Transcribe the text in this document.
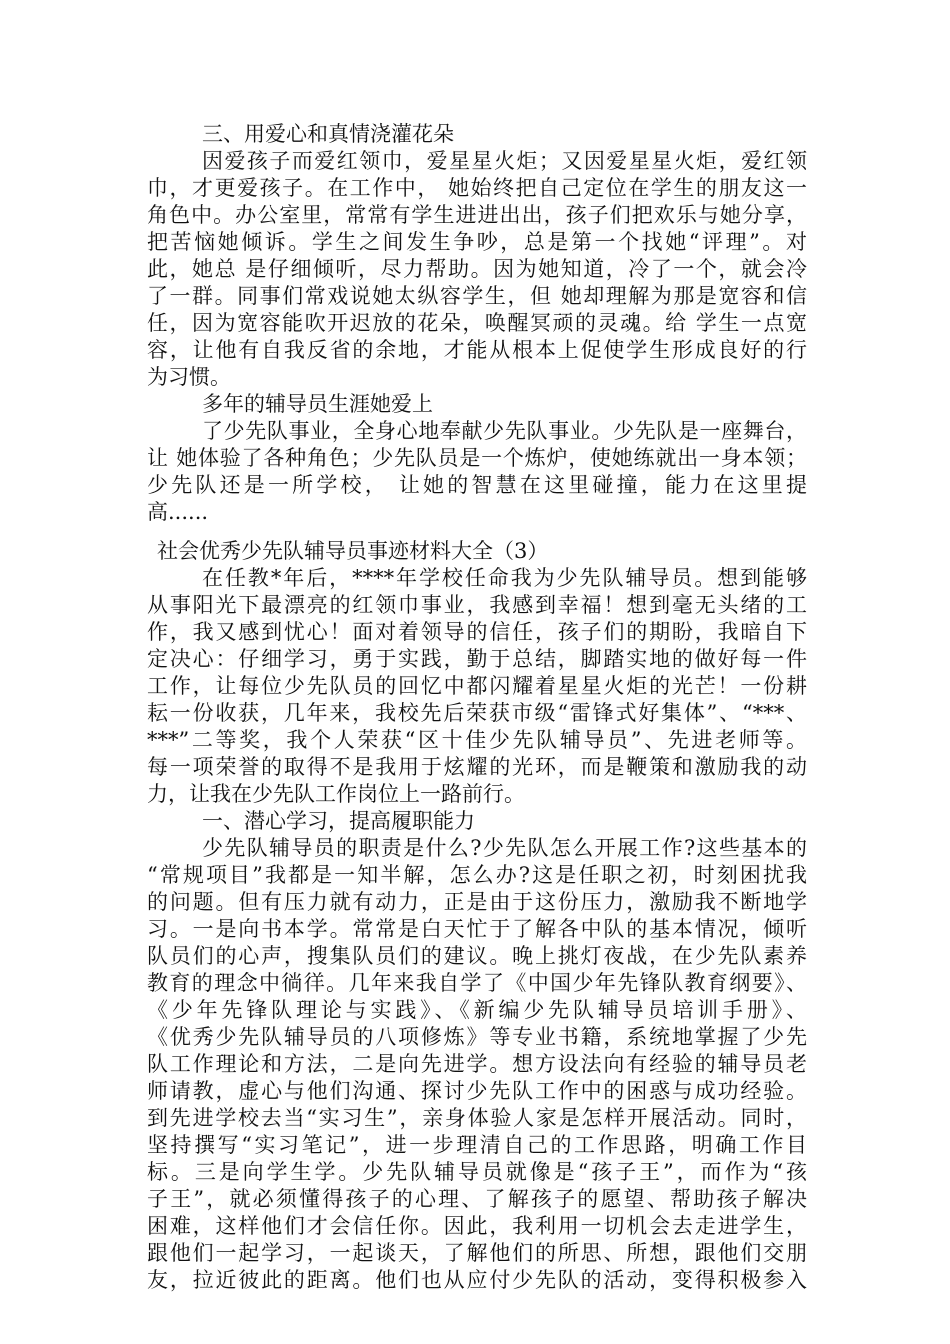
三、用爱心和真情浇灌花朵
因爱孩子而爱红领巾，爱星星火炬；又因爱星星火炬，爱红领
巾，才更爱孩子。在工作中， 她始终把自己定位在学生的朋友这一
角色中。办公室里，常常有学生进进出出，孩子们把欢乐与她分享，
把苦恼她倾诉。学生之间发生争吵，总是第一个找她“评理”。对
此，她总 是仔细倾听，尽力帮助。因为她知道，冷了一个，就会冷
了一群。同事们常戏说她太纵容学生，但 她却理解为那是宽容和信
任，因为宽容能吹开迟放的花朵，唤醒冥顽的灵魂。给 学生一点宽
容，让他有自我反省的余地，才能从根本上促使学生形成良好的行
为习惯。
多年的辅导员生涯她爱上
了少先队事业，全身心地奉献少先队事业。少先队是一座舞台，
让 她体验了各种角色；少先队员是一个炼炉，使她练就出一身本领；
少先队还是一所学校， 让她的智慧在这里碰撞，能力在这里提
高......
社会优秀少先队辅导员事迹材料大全（3）
在任教*年后，****年学校任命我为少先队辅导员。想到能够
从事阳光下最漂亮的红领巾事业，我感到幸福！想到毫无头绪的工
作，我又感到忧心！面对着领导的信任，孩子们的期盼，我暗自下
定决心：仔细学习，勇于实践，勤于总结，脚踏实地的做好每一件
工作，让每位少先队员的回忆中都闪耀着星星火炬的光芒！一份耕
耘一份收获，几年来，我校先后荣获市级“雷锋式好集体”、“***、
***”二等奖，我个人荣获“区十佳少先队辅导员”、先进老师等。
每一项荣誉的取得不是我用于炫耀的光环，而是鞭策和激励我的动
力，让我在少先队工作岗位上一路前行。
一、潜心学习，提高履职能力
少先队辅导员的职责是什么?少先队怎么开展工作?这些基本的
“常规项目”我都是一知半解，怎么办?这是任职之初，时刻困扰我
的问题。但有压力就有动力，正是由于这份压力，激励我不断地学
习。一是向书本学。常常是白天忙于了解各中队的基本情况，倾听
队员们的心声，搜集队员们的建议。晚上挑灯夜战，在少先队素养
教育的理念中徜徉。几年来我自学了《中国少年先锋队教育纲要》、
《少年先锋队理论与实践》、《新编少先队辅导员培训手册》、
《优秀少先队辅导员的八项修炼》等专业书籍，系统地掌握了少先
队工作理论和方法，二是向先进学。想方设法向有经验的辅导员老
师请教，虚心与他们沟通、探讨少先队工作中的困惑与成功经验。
到先进学校去当“实习生”，亲身体验人家是怎样开展活动。同时，
坚持撰写“实习笔记”，进一步理清自己的工作思路，明确工作目
标。三是向学生学。少先队辅导员就像是“孩子王”，而作为“孩
子王”，就必须懂得孩子的心理、了解孩子的愿望、帮助孩子解决
困难，这样他们才会信任你。因此，我利用一切机会去走进学生，
跟他们一起学习，一起谈天，了解他们的所思、所想，跟他们交朋
友，拉近彼此的距离。他们也从应付少先队的活动，变得积极参入
